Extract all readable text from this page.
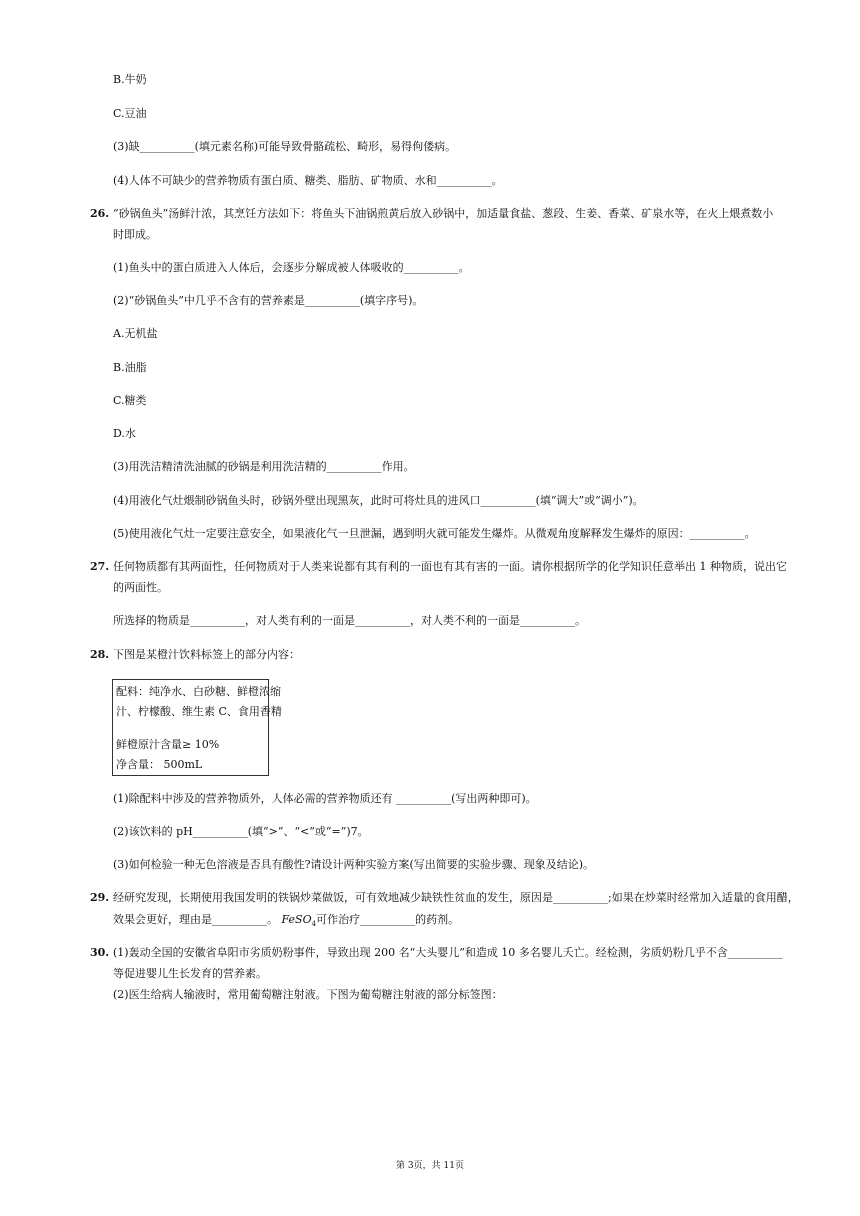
B.牛奶
C.豆油
(3)缺__________(填元素名称)可能导致骨骼疏松、畸形，易得佝偻病。
(4)人体不可缺少的营养物质有蛋白质、糖类、脂肪、矿物质、水和__________。
26. “砂锅鱼头”汤鲜汁浓，其烹饪方法如下：将鱼头下油锅煎黄后放入砂锅中，加适量食盐、葱段、生姜、香菜、矿泉水等，在火上煨煮数小
时即成。
(1)鱼头中的蛋白质进入人体后，会逐步分解成被人体吸收的__________。
(2)“砂锅鱼头”中几乎不含有的营养素是__________(填字序号)。
A.无机盐
B.油脂
C.糖类
D.水
(3)用洗洁精清洗油腻的砂锅是利用洗洁精的__________作用。
(4)用液化气灶煨制砂锅鱼头时，砂锅外壁出现黑灰，此时可将灶具的进风口__________(填“调大”或“调小”)。
(5)使用液化气灶一定要注意安全，如果液化气一旦泄漏，遇到明火就可能发生爆炸。从微观角度解释发生爆炸的原因：__________。
27. 任何物质都有其两面性，任何物质对于人类来说都有其有利的一面也有其有害的一面。请你根据所学的化学知识任意举出 1 种物质，说出它
的两面性。
所选择的物质是__________，对人类有利的一面是__________，对人类不利的一面是__________。
28. 下图是某橙汁饮料标签上的部分内容：
配料：纯净水、白砂糖、鲜橙浓缩
汁、柠檬酸、维生素 C、食用香精
鲜橙原汁含量≥ 10%
净含量： 500mL
(1)除配料中涉及的营养物质外，人体必需的营养物质还有 __________(写出两种即可)。
(2)该饮料的 pH__________(填“>”、“<”或“=”)7。
(3)如何检验一种无色溶液是否具有酸性?请设计两种实验方案(写出简要的实验步骤、现象及结论)。
29. 经研究发现，长期使用我国发明的铁锅炒菜做饭，可有效地减少缺铁性贫血的发生，原因是__________;如果在炒菜时经常加入适量的食用醋，
效果会更好，理由是__________。 FeSO$_4$可作治疗__________的药剂。
30. (1)轰动全国的安徽省阜阳市劣质奶粉事件，导致出现 200 名“大头婴儿”和造成 10 多名婴儿夭亡。经检测，劣质奶粉几乎不含__________
等促进婴儿生长发育的营养素。
(2)医生给病人输液时，常用葡萄糖注射液。下图为葡萄糖注射液的部分标签图：
第 3页，共 11页
